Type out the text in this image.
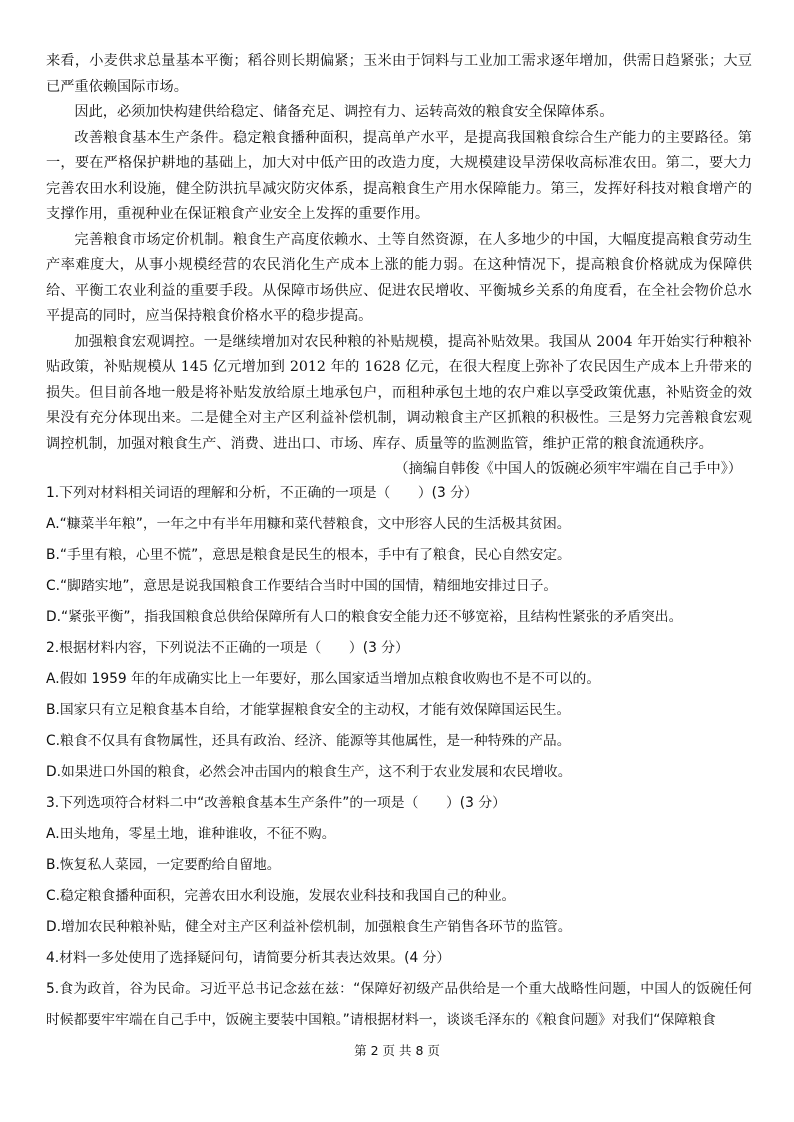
来看，小麦供求总量基本平衡；稻谷则长期偏紧；玉米由于饲料与工业加工需求逐年增加，供需日趋紧张；大豆已严重依赖国际市场。

因此，必须加快构建供给稳定、储备充足、调控有力、运转高效的粮食安全保障体系。

改善粮食基本生产条件。稳定粮食播种面积，提高单产水平，是提高我国粮食综合生产能力的主要路径。第一，要在严格保护耕地的基础上，加大对中低产田的改造力度，大规模建设旱涝保收高标准农田。第二，要大力完善农田水利设施，健全防洪抗旱减灾防灾体系，提高粮食生产用水保障能力。第三，发挥好科技对粮食增产的支撑作用，重视种业在保证粮食产业安全上发挥的重要作用。

完善粮食市场定价机制。粮食生产高度依赖水、土等自然资源，在人多地少的中国，大幅度提高粮食劳动生产率难度大，从事小规模经营的农民消化生产成本上涨的能力弱。在这种情况下，提高粮食价格就成为保障供给、平衡工农业利益的重要手段。从保障市场供应、促进农民增收、平衡城乡关系的角度看，在全社会物价总水平提高的同时，应当保持粮食价格水平的稳步提高。

加强粮食宏观调控。一是继续增加对农民种粮的补贴规模，提高补贴效果。我国从 2004 年开始实行种粮补贴政策，补贴规模从 145 亿元增加到 2012 年的 1628 亿元，在很大程度上弥补了农民因生产成本上升带来的损失。但目前各地一般是将补贴发放给原土地承包户，而租种承包土地的农户难以享受政策优惠，补贴资金的效果没有充分体现出来。二是健全对主产区利益补偿机制，调动粮食主产区抓粮的积极性。三是努力完善粮食宏观调控机制，加强对粮食生产、消费、进出口、市场、库存、质量等的监测监管，维护正常的粮食流通秩序。

（摘编自韩俊《中国人的饭碗必须牢牢端在自己手中》）

1.下列对材料相关词语的理解和分析，不正确的一项是（　　）(3 分）

A.“糠菜半年粮”，一年之中有半年用糠和菜代替粮食，文中形容人民的生活极其贫困。

B.“手里有粮，心里不慌”，意思是粮食是民生的根本，手中有了粮食，民心自然安定。

C.“脚踏实地”，意思是说我国粮食工作要结合当时中国的国情，精细地安排过日子。

D.“紧张平衡”，指我国粮食总供给保障所有人口的粮食安全能力还不够宽裕，且结构性紧张的矛盾突出。

2.根据材料内容，下列说法不正确的一项是（　　）(3 分）

A.假如 1959 年的年成确实比上一年要好，那么国家适当增加点粮食收购也不是不可以的。

B.国家只有立足粮食基本自给，才能掌握粮食安全的主动权，才能有效保障国运民生。

C.粮食不仅具有食物属性，还具有政治、经济、能源等其他属性，是一种特殊的产品。

D.如果进口外国的粮食，必然会冲击国内的粮食生产，这不利于农业发展和农民增收。

3.下列选项符合材料二中“改善粮食基本生产条件”的一项是（　　）(3 分）

A.田头地角，零星土地，谁种谁收，不征不购。

B.恢复私人菜园，一定要酌给自留地。

C.稳定粮食播种面积，完善农田水利设施，发展农业科技和我国自己的种业。

D.增加农民种粮补贴，健全对主产区利益补偿机制，加强粮食生产销售各环节的监管。

4.材料一多处使用了选择疑问句，请简要分析其表达效果。(4 分）

5.食为政首，谷为民命。习近平总书记念兹在兹：“保障好初级产品供给是一个重大战略性问题，中国人的饭碗任何时候都要牢牢端在自己手中，饭碗主要装中国粮。”请根据材料一，谈谈毛泽东的《粮食问题》对我们“保障粮食

第 2 页 共 8 页
